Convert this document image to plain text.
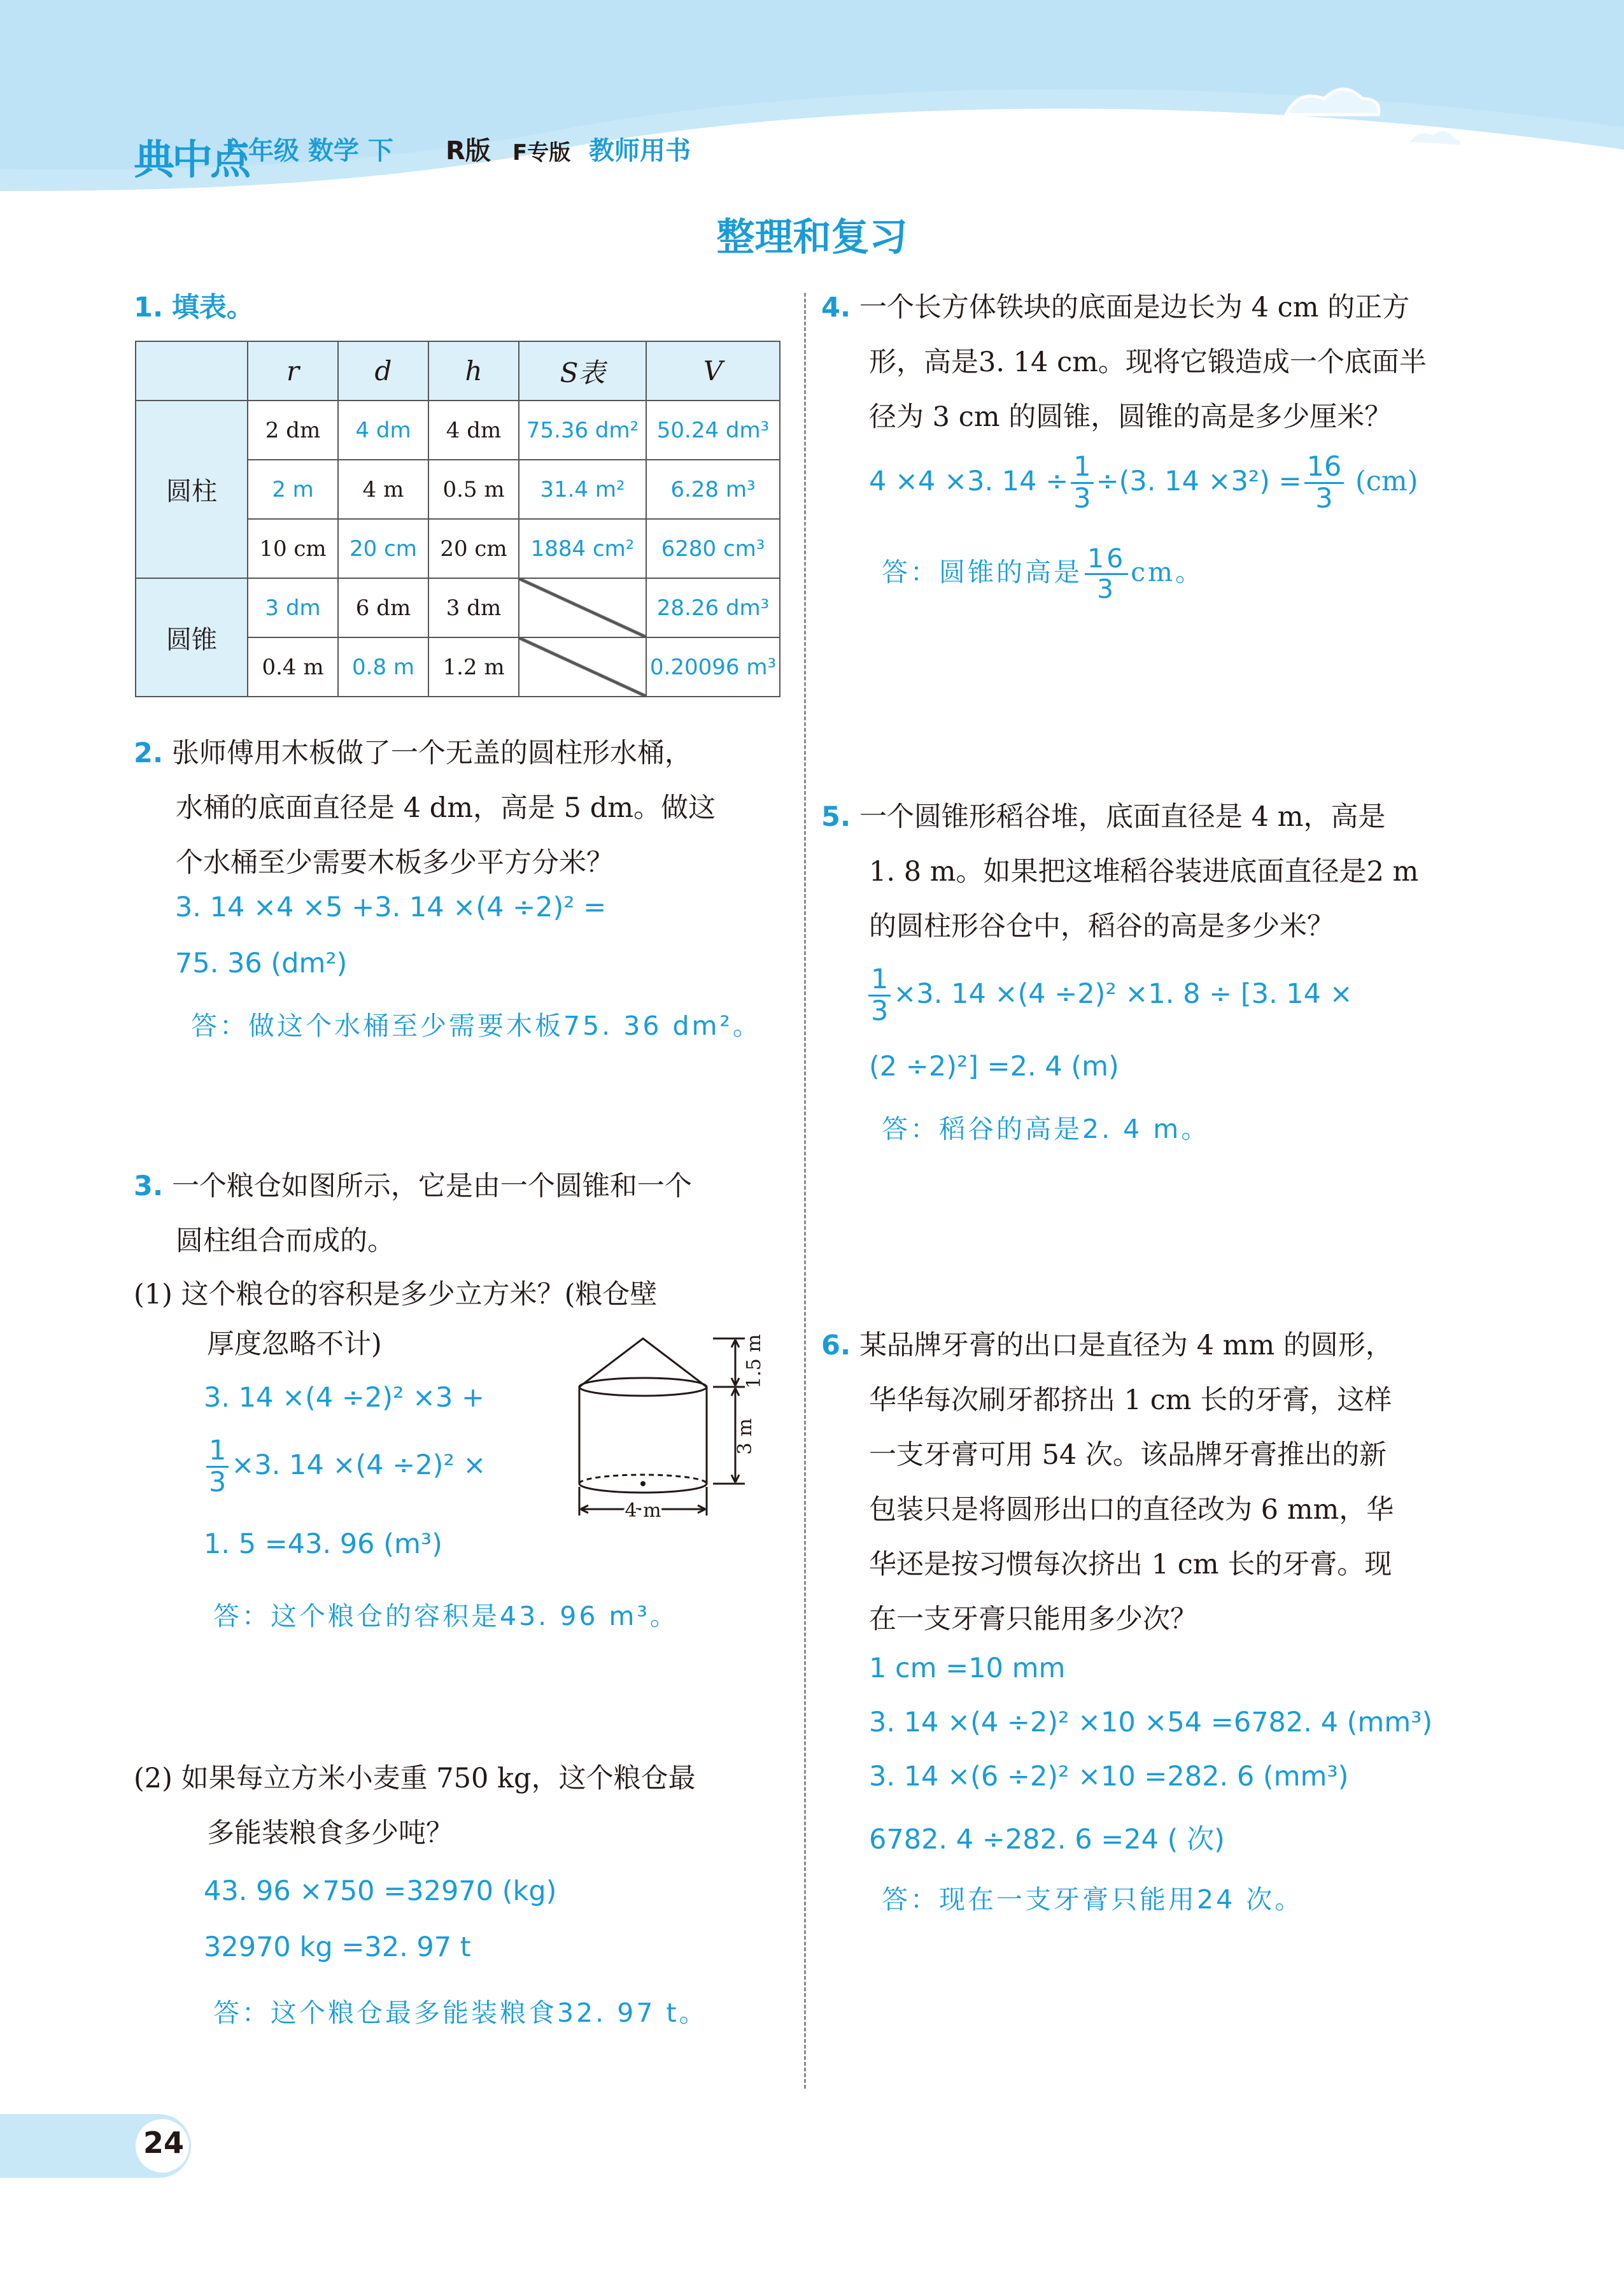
典中点
六年级 数学 下 R版 F专版 教师用书
整理和复习
1. 填表。
	r	d	h	S表	V
圆柱	2 dm	4 dm	4 dm	75.36 dm²	50.24 dm³
	2 m	4 m	0.5 m	31.4 m²	6.28 m³
	10 cm	20 cm	20 cm	1884 cm²	6280 cm³
圆锥	3 dm	6 dm	3 dm		28.26 dm³
	0.4 m	0.8 m	1.2 m		0.20096 m³
2. 张师傅用木板做了一个无盖的圆柱形水桶，
水桶的底面直径是 4 dm，高是 5 dm。做这
个水桶至少需要木板多少平方分米？
3. 14 ×4 ×5 +3. 14 ×(4 ÷2)² =
75. 36 (dm²)
答：做这个水桶至少需要木板75. 36 dm²。
3. 一个粮仓如图所示，它是由一个圆锥和一个
圆柱组合而成的。
(1) 这个粮仓的容积是多少立方米？(粮仓壁
厚度忽略不计)
3. 14 ×(4 ÷2)² ×3 +
$\frac{1}{3} \times 3$. 14 ×(4 ÷2)² ×
1. 5 =43. 96 (m³)
答：这个粮仓的容积是43. 96 m³。
1.5 m
3 m
4 m
(2) 如果每立方米小麦重 750 kg，这个粮仓最
多能装粮食多少吨？
43. 96 ×750 =32970 (kg)
32970 kg =32. 97 t
答：这个粮仓最多能装粮食32. 97 t。
4. 一个长方体铁块的底面是边长为 4 cm 的正方
形，高是3. 14 cm。现将它锻造成一个底面半
径为 3 cm 的圆锥，圆锥的高是多少厘米？
4 ×4 ×3. $14 \div \frac{1}{3} \div(3$. $14 \times 3^2) = \frac{16}{3} (cm)$
答：圆锥的高是 $\frac{16}{3}$ cm。
5. 一个圆锥形稻谷堆，底面直径是 4 m，高是
1. 8 m。如果把这堆稻谷装进底面直径是2 m
的圆柱形谷仓中，稻谷的高是多少米？
$\frac{1}{3} \times 3$. 14 ×(4 ÷2)² ×1. 8 ÷ [3. 14 ×
(2 ÷2)²] =2. 4 (m)
答：稻谷的高是2. 4 m。
6. 某品牌牙膏的出口是直径为 4 mm 的圆形，
华华每次刷牙都挤出 1 cm 长的牙膏，这样
一支牙膏可用 54 次。该品牌牙膏推出的新
包装只是将圆形出口的直径改为 6 mm，华
华还是按习惯每次挤出 1 cm 长的牙膏。现
在一支牙膏只能用多少次？
1 cm =10 mm
3. 14 ×(4 ÷2)² ×10 ×54 =6782. 4 (mm³)
3. 14 ×(6 ÷2)² ×10 =282. 6 (mm³)
6782. 4 ÷282. 6 =24 ( 次)
答：现在一支牙膏只能用24 次。
24
